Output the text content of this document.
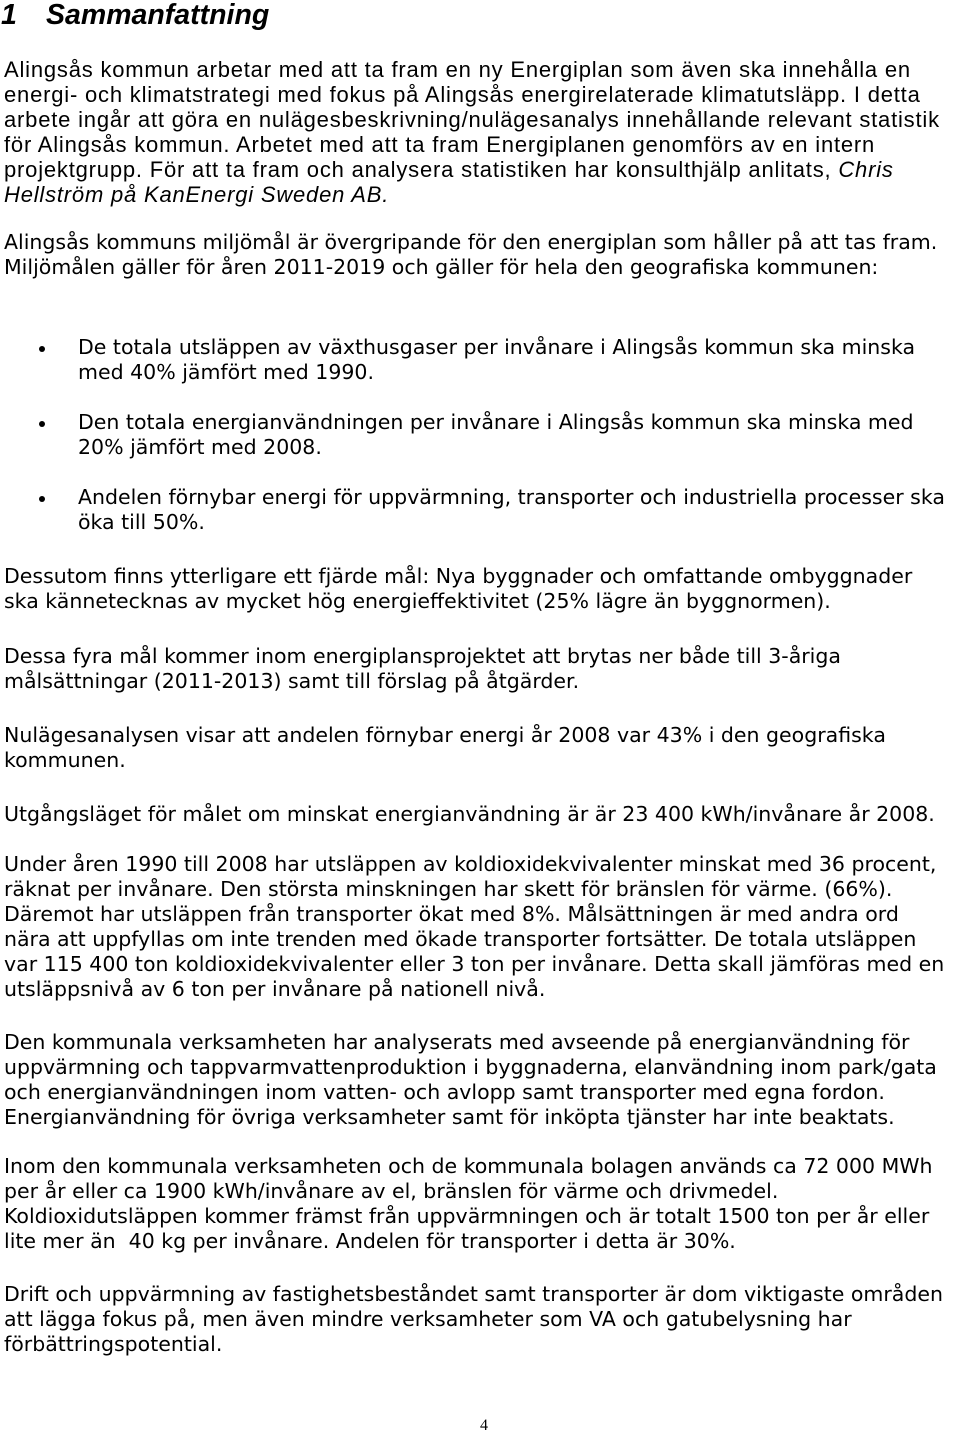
1 Sammanfattning
Alingsås kommun arbetar med att ta fram en ny Energiplan som även ska innehålla en
energi- och klimatstrategi med fokus på Alingsås energirelaterade klimatutsläpp. I detta
arbete ingår att göra en nulägesbeskrivning/nulägesanalys innehållande relevant statistik
för Alingsås kommun. Arbetet med att ta fram Energiplanen genomförs av en intern
projektgrupp. För att ta fram och analysera statistiken har konsulthjälp anlitats, Chris
Hellström på KanEnergi Sweden AB.
Alingsås kommuns miljömål är övergripande för den energiplan som håller på att tas fram.
Miljömålen gäller för åren 2011-2019 och gäller för hela den geografiska kommunen:
De totala utsläppen av växthusgaser per invånare i Alingsås kommun ska minska
med 40% jämfört med 1990.
Den totala energianvändningen per invånare i Alingsås kommun ska minska med
20% jämfört med 2008.
Andelen förnybar energi för uppvärmning, transporter och industriella processer ska
öka till 50%.
Dessutom finns ytterligare ett fjärde mål: Nya byggnader och omfattande ombyggnader
ska kännetecknas av mycket hög energieffektivitet (25% lägre än byggnormen).
Dessa fyra mål kommer inom energiplansprojektet att brytas ner både till 3-åriga
målsättningar (2011-2013) samt till förslag på åtgärder.
Nulägesanalysen visar att andelen förnybar energi år 2008 var 43% i den geografiska
kommunen.
Utgångsläget för målet om minskat energianvändning är är 23 400 kWh/invånare år 2008.
Under åren 1990 till 2008 har utsläppen av koldioxidekvivalenter minskat med 36 procent,
räknat per invånare. Den största minskningen har skett för bränslen för värme. (66%).
Däremot har utsläppen från transporter ökat med 8%. Målsättningen är med andra ord
nära att uppfyllas om inte trenden med ökade transporter fortsätter. De totala utsläppen
var 115 400 ton koldioxidekvivalenter eller 3 ton per invånare. Detta skall jämföras med en
utsläppsnivå av 6 ton per invånare på nationell nivå.
Den kommunala verksamheten har analyserats med avseende på energianvändning för
uppvärmning och tappvarmvattenproduktion i byggnaderna, elanvändning inom park/gata
och energianvändningen inom vatten- och avlopp samt transporter med egna fordon.
Energianvändning för övriga verksamheter samt för inköpta tjänster har inte beaktats.
Inom den kommunala verksamheten och de kommunala bolagen används ca 72 000 MWh
per år eller ca 1900 kWh/invånare av el, bränslen för värme och drivmedel.
Koldioxidutsläppen kommer främst från uppvärmningen och är totalt 1500 ton per år eller
lite mer än  40 kg per invånare. Andelen för transporter i detta är 30%.
Drift och uppvärmning av fastighetsbeståndet samt transporter är dom viktigaste områden
att lägga fokus på, men även mindre verksamheter som VA och gatubelysning har
förbättringspotential.
4
